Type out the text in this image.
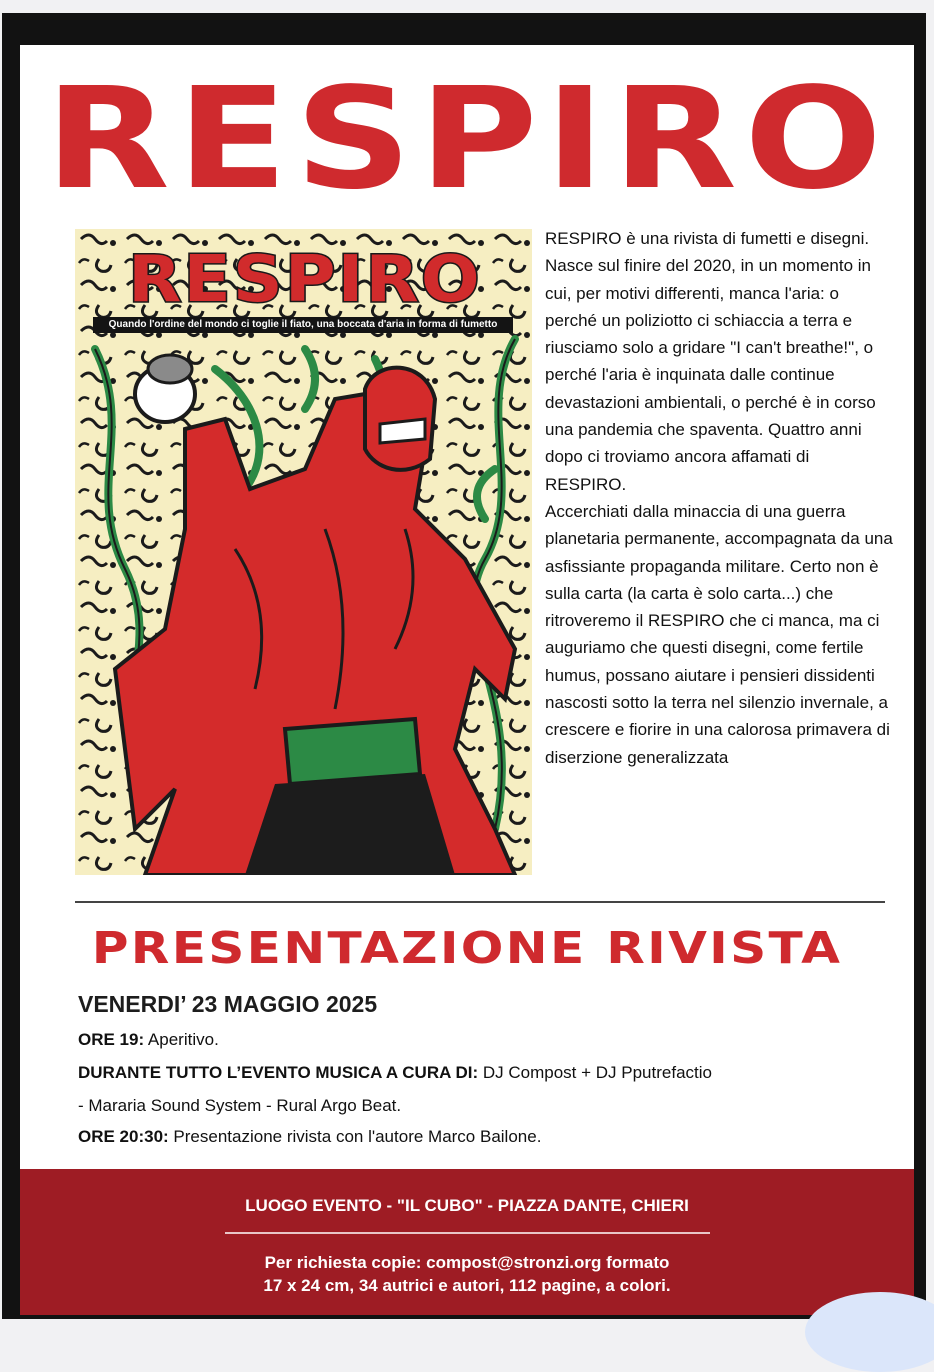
RESPIRO
RESPIRO
Quando l'ordine del mondo ci toglie il fiato, una boccata d'aria in forma di fumetto

RESPIRO è una rivista di fumetti e disegni.

Nasce sul finire del 2020, in un momento in cui, per motivi differenti, manca l'aria: o perché un poliziotto ci schiaccia a terra e riusciamo solo a gridare "I can't breathe!", o perché l'aria è inquinata dalle continue devastazioni ambientali, o perché è in corso una pandemia che spaventa. Quattro anni dopo ci troviamo ancora affamati di RESPIRO.

Accerchiati dalla minaccia di una guerra planetaria permanente, accompagnata da una asfissiante propaganda militare. Certo non è sulla carta (la carta è solo carta...) che ritroveremo il RESPIRO che ci manca, ma ci auguriamo che questi disegni, come fertile humus, possano aiutare i pensieri dissidenti nascosti sotto la terra nel silenzio invernale, a crescere e fiorire in una calorosa primavera di diserzione generalizzata

PRESENTAZIONE RIVISTA
VENERDI’ 23 MAGGIO 2025
ORE 19: Aperitivo.
DURANTE TUTTO L’EVENTO MUSICA A CURA DI: DJ Compost + DJ Pputrefactio
- Mararia Sound System - Rural Argo Beat.
ORE 20:30: Presentazione rivista con l'autore Marco Bailone.
LUOGO EVENTO - "IL CUBO" - PIAZZA DANTE, CHIERI
Per richiesta copie: compost@stronzi.org formato
17 x 24 cm, 34 autrici e autori, 112 pagine, a colori.
